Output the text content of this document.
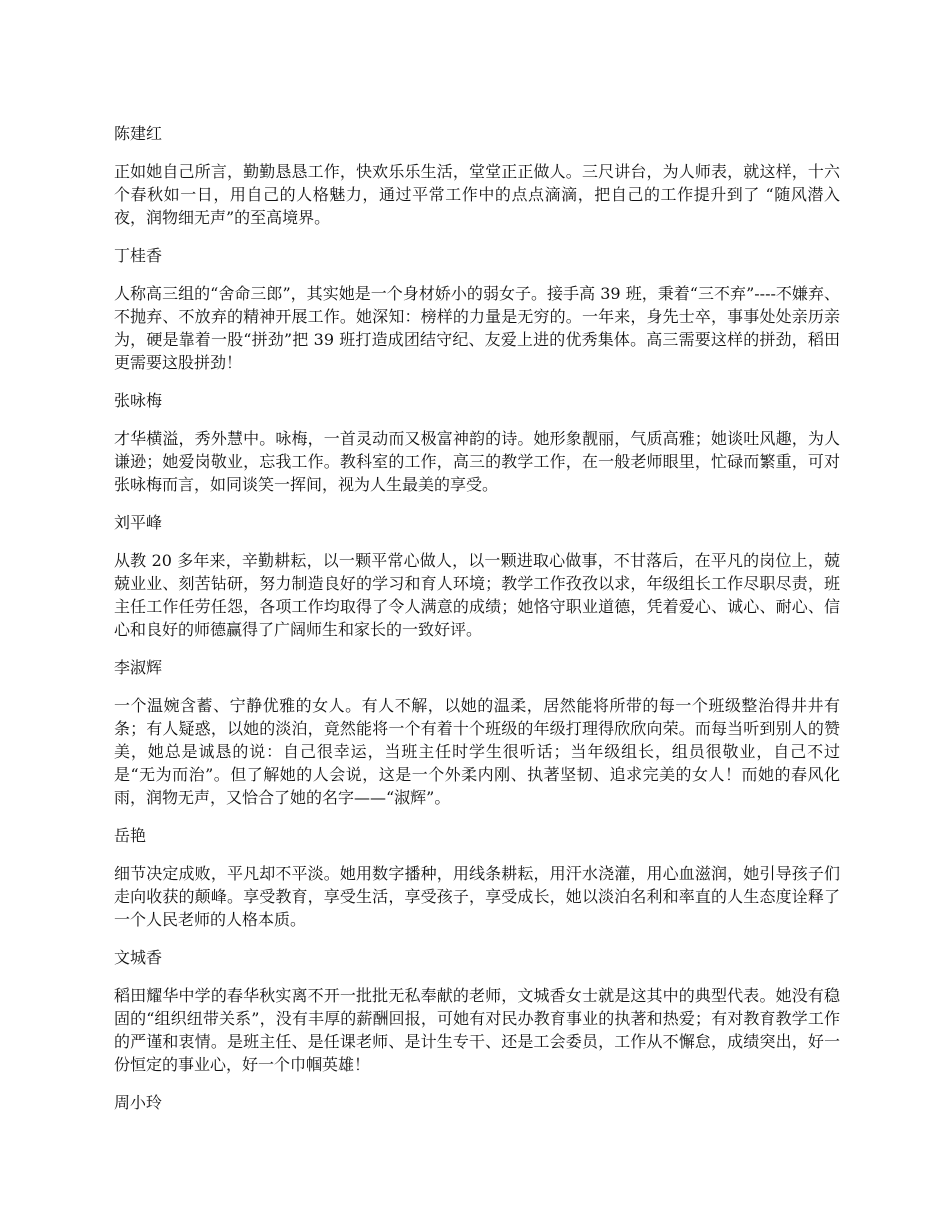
陈建红
正如她自己所言，勤勤恳恳工作，快欢乐乐生活，堂堂正正做人。三尺讲台，为人师表，就这样，十六个春秋如一日，用自己的人格魅力，通过平常工作中的点点滴滴，把自己的工作提升到了 “随风潜入夜，润物细无声”的至高境界。
丁桂香
人称高三组的“舍命三郎”，其实她是一个身材娇小的弱女子。接手高 39 班，秉着“三不弃”----不嫌弃、不抛弃、不放弃的精神开展工作。她深知：榜样的力量是无穷的。一年来，身先士卒，事事处处亲历亲为，硬是靠着一股“拼劲”把 39 班打造成团结守纪、友爱上进的优秀集体。高三需要这样的拼劲，稻田更需要这股拼劲！
张咏梅
才华横溢，秀外慧中。咏梅，一首灵动而又极富神韵的诗。她形象靓丽，气质高雅；她谈吐风趣，为人谦逊；她爱岗敬业，忘我工作。教科室的工作，高三的教学工作，在一般老师眼里，忙碌而繁重，可对张咏梅而言，如同谈笑一挥间，视为人生最美的享受。
刘平峰
从教 20 多年来，辛勤耕耘，以一颗平常心做人，以一颗进取心做事，不甘落后，在平凡的岗位上，兢兢业业、刻苦钻研，努力制造良好的学习和育人环境；教学工作孜孜以求，年级组长工作尽职尽责，班主任工作任劳任怨，各项工作均取得了令人满意的成绩；她恪守职业道德，凭着爱心、诚心、耐心、信心和良好的师德赢得了广阔师生和家长的一致好评。
李淑辉
一个温婉含蓄、宁静优雅的女人。有人不解，以她的温柔，居然能将所带的每一个班级整治得井井有条；有人疑惑，以她的淡泊，竟然能将一个有着十个班级的年级打理得欣欣向荣。而每当听到别人的赞美，她总是诚恳的说：自己很幸运，当班主任时学生很听话；当年级组长，组员很敬业，自己不过是“无为而治”。但了解她的人会说，这是一个外柔内刚、执著坚韧、追求完美的女人！而她的春风化雨，润物无声，又恰合了她的名字——“淑辉”。
岳艳
细节决定成败，平凡却不平淡。她用数字播种，用线条耕耘，用汗水浇灌，用心血滋润，她引导孩子们走向收获的颠峰。享受教育，享受生活，享受孩子，享受成长，她以淡泊名利和率直的人生态度诠释了一个人民老师的人格本质。
文城香
稻田耀华中学的春华秋实离不开一批批无私奉献的老师，文城香女士就是这其中的典型代表。她没有稳固的“组织纽带关系”，没有丰厚的薪酬回报，可她有对民办教育事业的执著和热爱；有对教育教学工作的严谨和衷情。是班主任、是任课老师、是计生专干、还是工会委员，工作从不懈怠，成绩突出，好一份恒定的事业心，好一个巾帼英雄！
周小玲
